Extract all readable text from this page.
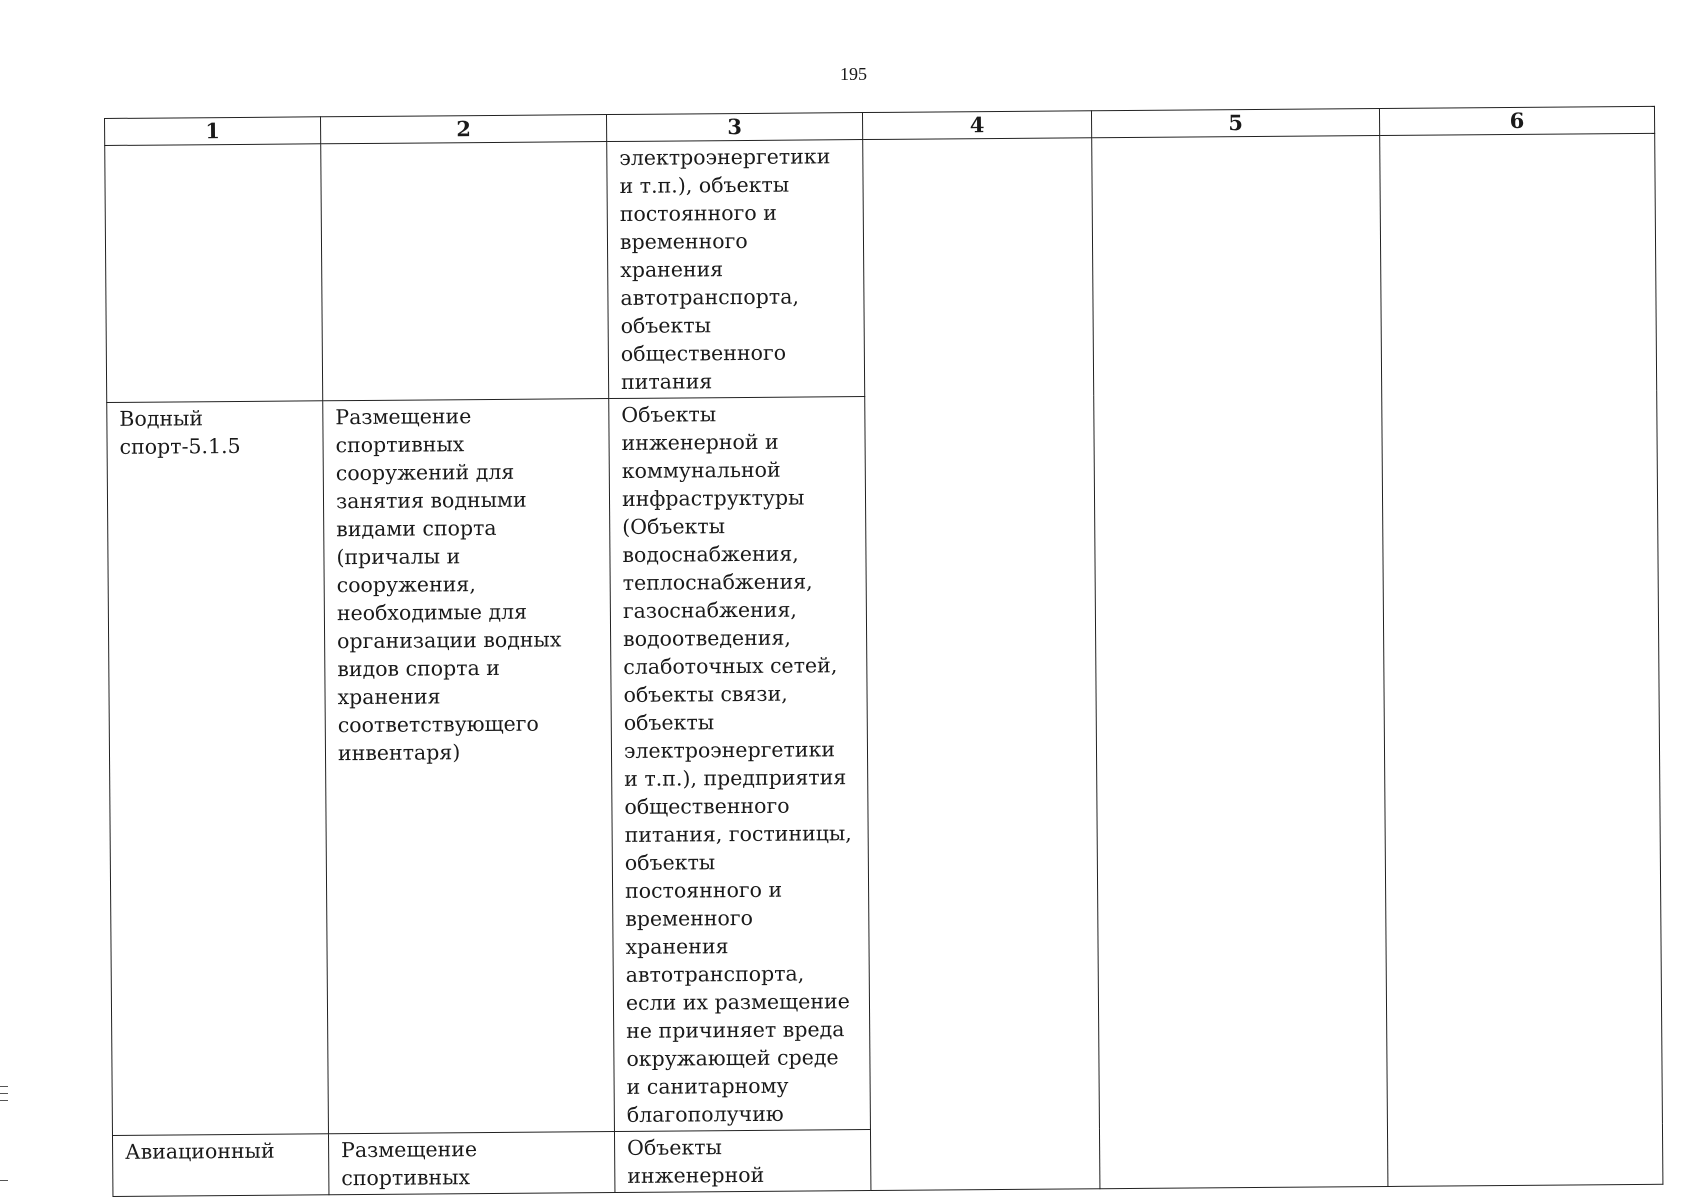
195
1	2	3	4	5	6
		электроэнергетики и т.п.), объекты постоянного и временного хранения автотранспорта, объекты общественного питания			
Водный спорт-5.1.5	Размещение спортивных сооружений для занятия водными видами спорта (причалы и сооружения, необходимые для организации водных видов спорта и хранения соответствующего инвентаря)	Объекты инженерной и коммунальной инфраструктуры (Объекты водоснабжения, теплоснабжения, газоснабжения, водоотведения, слаботочных сетей, объекты связи, объекты электроэнергетики и т.п.), предприятия общественного питания, гостиницы, объекты постоянного и временного хранения автотранспорта, если их размещение не причиняет вреда окружающей среде и санитарному благополучию			
Авиационный	Размещение спортивных	Объекты инженерной			
